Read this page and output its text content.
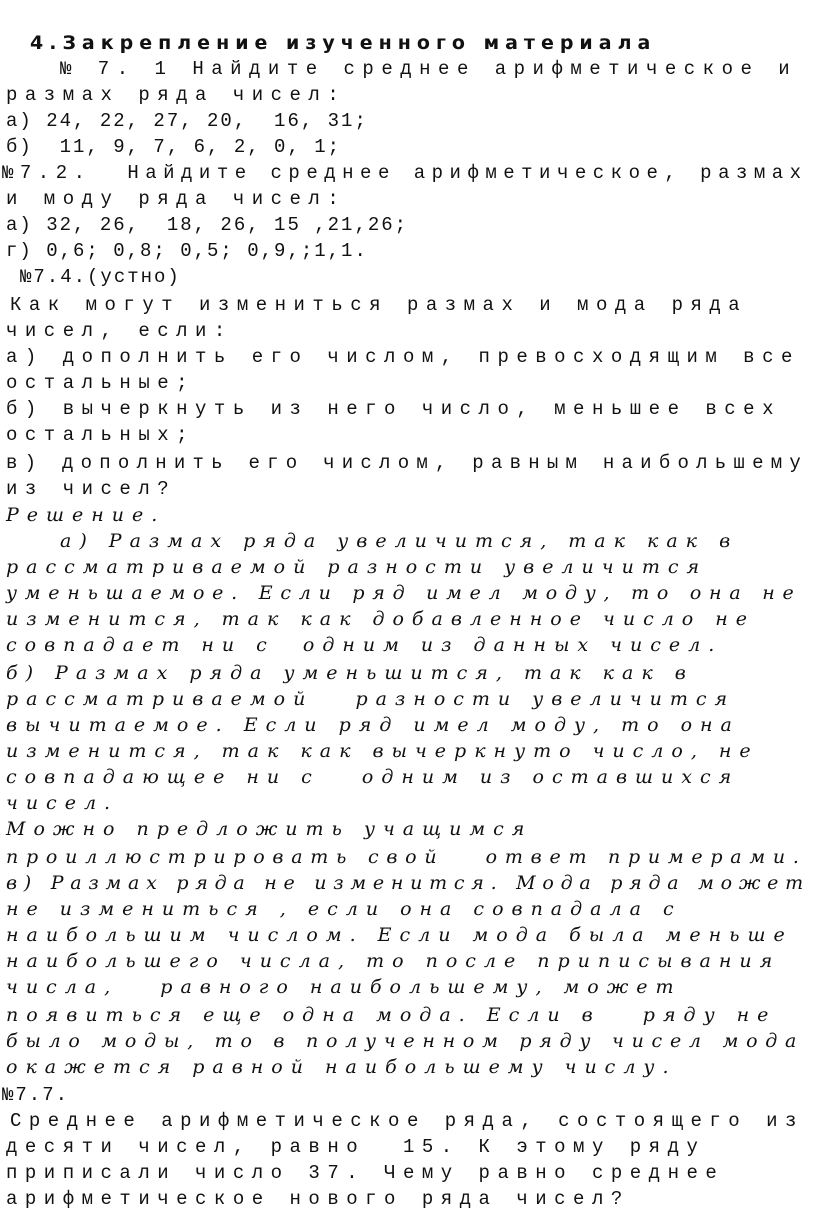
4.Закрепление изученного материала
№ 7. 1 Найдите среднее арифметическое и
размах ряда чисел:
а) 24, 22, 27, 20,  16, 31;
б)  11, 9, 7, 6, 2, 0, 1;
№7.2.  Найдите среднее арифметическое, размах
и моду ряда чисел:
а) 32, 26,  18, 26, 15 ,21,26;
г) 0,6; 0,8; 0,5; 0,9,;1,1.
№7.4.(устно)
Как могут измениться размах и мода ряда
чисел, если:
а) дополнить его числом, превосходящим все
остальные;
б) вычеркнуть из него число, меньшее всех
остальных;
в) дополнить его числом, равным наибольшему
из чисел?
Решение.
а) Размах ряда увеличится, так как в
рассматриваемой разности увеличится
уменьшаемое. Если ряд имел моду, то она не
изменится, так как добавленное число не
совпадает ни с  одним из данных чисел.
б) Размах ряда уменьшится, так как в
рассматриваемой   разности увеличится
вычитаемое. Если ряд имел моду, то она
изменится, так как вычеркнуто число, не
совпадающее ни с   одним из оставшихся
чисел.
Можно предложить учащимся
проиллюстрировать свой   ответ примерами.
в) Размах ряда не изменится. Мода ряда может
не измениться , если она совпадала с
наибольшим числом. Если мода была меньше
наибольшего числа, то после приписывания
числа,   равного наибольшему, может
появиться еще одна мода. Если в   ряду не
было моды, то в полученном ряду чисел мода
окажется равной наибольшему числу.
№7.7.
Среднее арифметическое ряда, состоящего из
десяти чисел, равно  15. К этому ряду
приписали число 37. Чему равно среднее
арифметическое нового ряда чисел?
